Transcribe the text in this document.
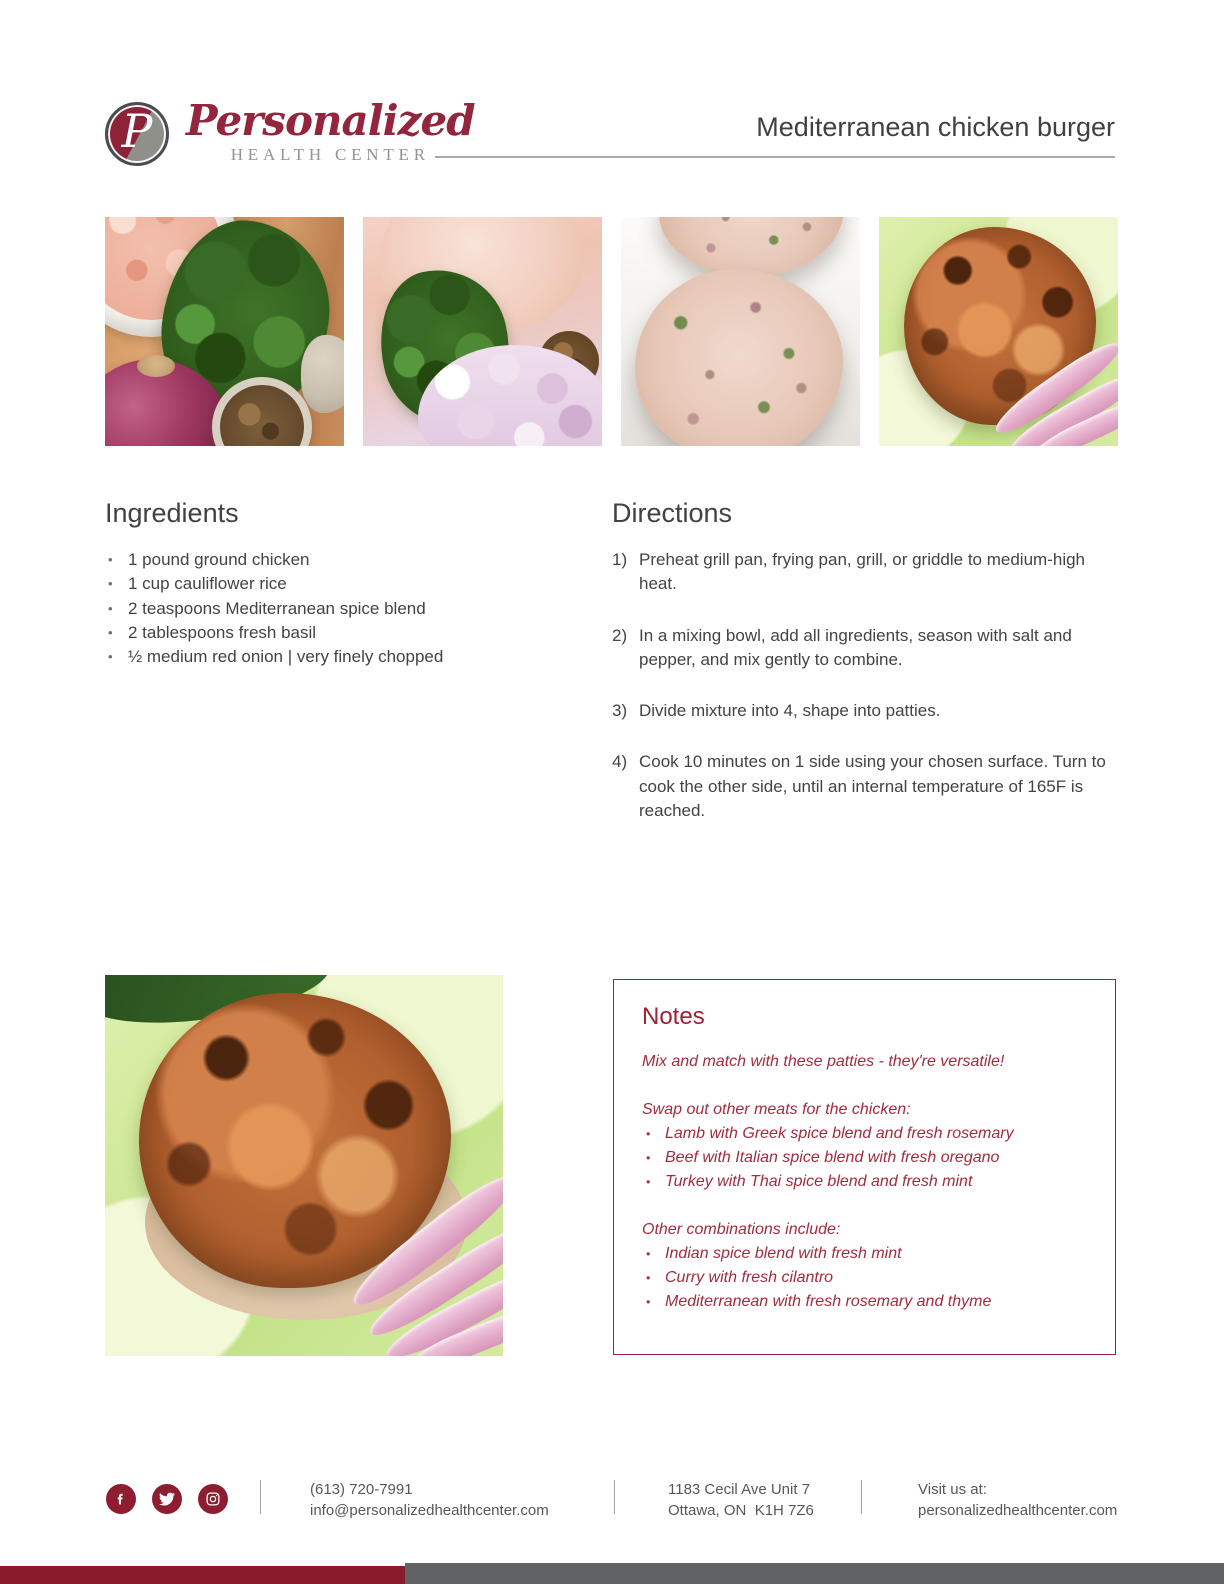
P Personalized
HEALTH CENTER
Mediterranean chicken burger
Ingredients
• 1 pound ground chicken
• 1 cup cauliflower rice
• 2 teaspoons Mediterranean spice blend
• 2 tablespoons fresh basil
• ½ medium red onion | very finely chopped
Directions
1) Preheat grill pan, frying pan, grill, or griddle to medium-high heat.
2) In a mixing bowl, add all ingredients, season with salt and pepper, and mix gently to combine.
3) Divide mixture into 4, shape into patties.
4) Cook 10 minutes on 1 side using your chosen surface. Turn to cook the other side, until an internal temperature of 165F is reached.
Notes
Mix and match with these patties - they're versatile!
Swap out other meats for the chicken:
• Lamb with Greek spice blend and fresh rosemary
• Beef with Italian spice blend with fresh oregano
• Turkey with Thai spice blend and fresh mint
Other combinations include:
• Indian spice blend with fresh mint
• Curry with fresh cilantro
• Mediterranean with fresh rosemary and thyme
(613) 720-7991
info@personalizedhealthcenter.com
1183 Cecil Ave Unit 7
Ottawa, ON  K1H 7Z6
Visit us at:
personalizedhealthcenter.com
